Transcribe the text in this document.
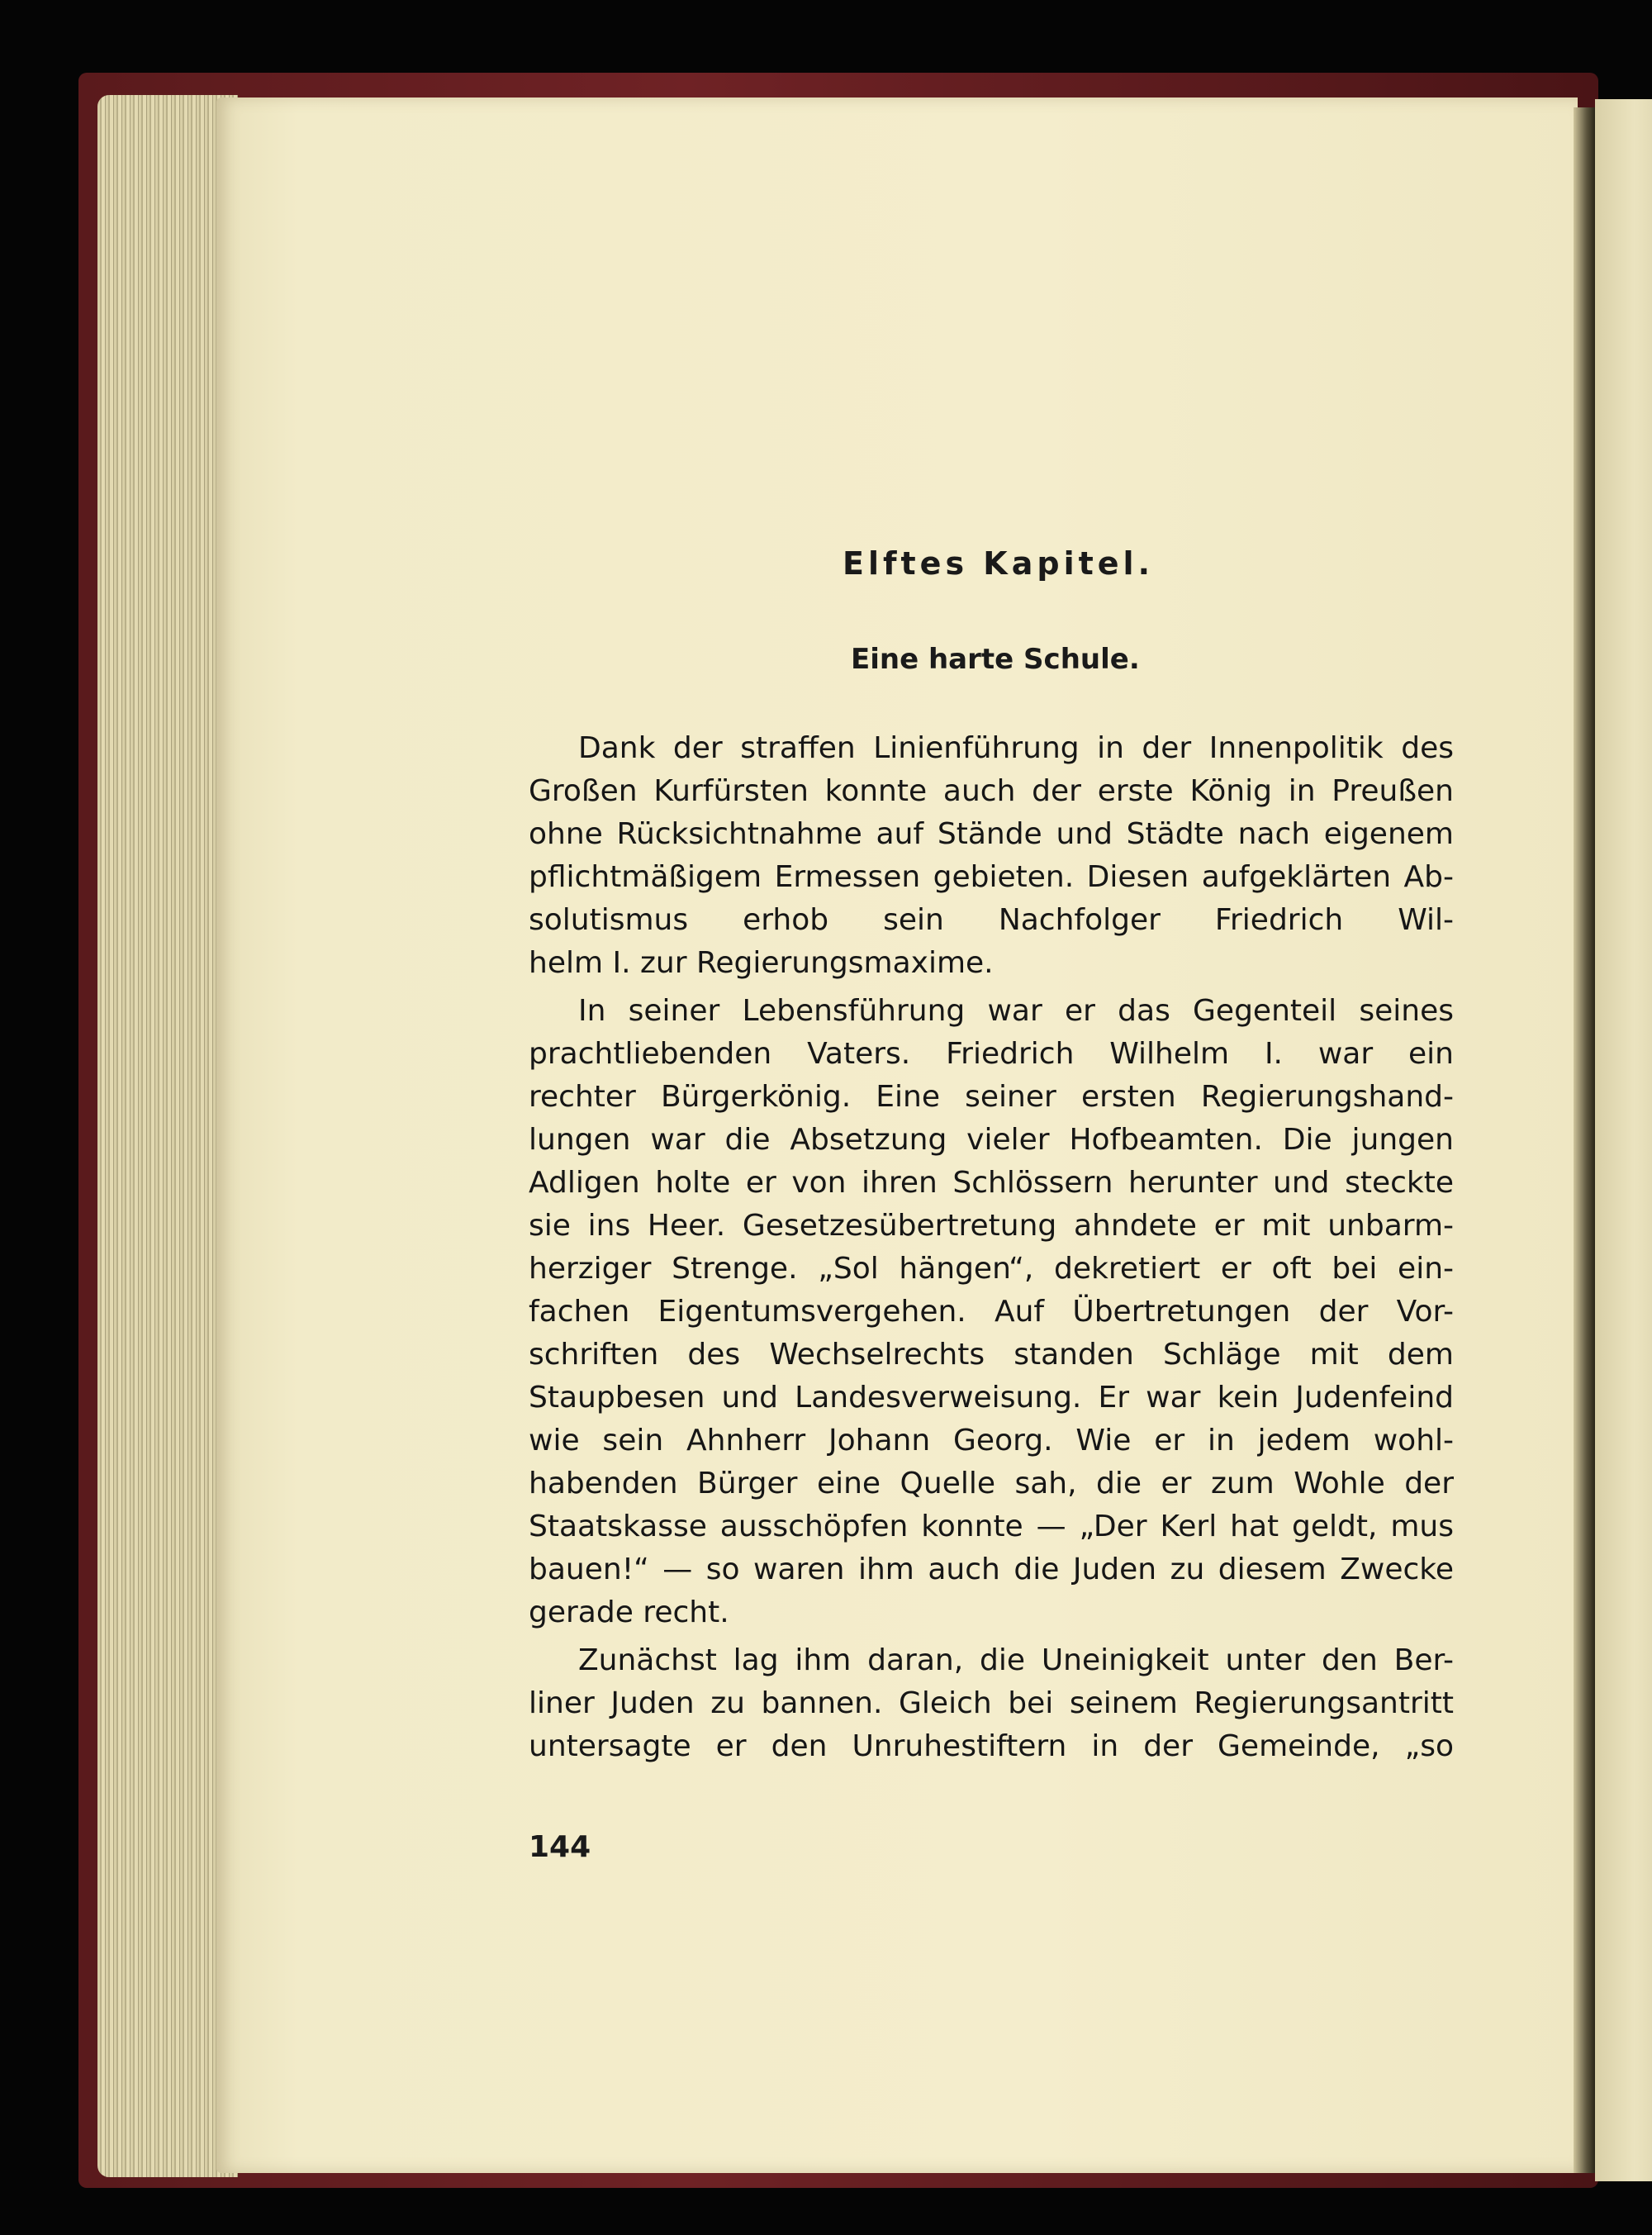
Elftes Kapitel.
Eine harte Schule.
Dank der straffen Linienführung in der Innenpolitik des
Großen Kurfürsten konnte auch der erste König in Preußen
ohne Rücksichtnahme auf Stände und Städte nach eigenem
pflichtmäßigem Ermessen gebieten. Diesen aufgeklärten Ab-
solutismus erhob sein Nachfolger Friedrich Wil-
helm I. zur Regierungsmaxime.
In seiner Lebensführung war er das Gegenteil seines
prachtliebenden Vaters. Friedrich Wilhelm I. war ein
rechter Bürgerkönig. Eine seiner ersten Regierungshand-
lungen war die Absetzung vieler Hofbeamten. Die jungen
Adligen holte er von ihren Schlössern herunter und steckte
sie ins Heer. Gesetzesübertretung ahndete er mit unbarm-
herziger Strenge. „Sol hängen“, dekretiert er oft bei ein-
fachen Eigentumsvergehen. Auf Übertretungen der Vor-
schriften des Wechselrechts standen Schläge mit dem
Staupbesen und Landesverweisung. Er war kein Judenfeind
wie sein Ahnherr Johann Georg. Wie er in jedem wohl-
habenden Bürger eine Quelle sah, die er zum Wohle der
Staatskasse ausschöpfen konnte — „Der Kerl hat geldt, mus
bauen!“ — so waren ihm auch die Juden zu diesem Zwecke
gerade recht.
Zunächst lag ihm daran, die Uneinigkeit unter den Ber-
liner Juden zu bannen. Gleich bei seinem Regierungsantritt
untersagte er den Unruhestiftern in der Gemeinde, „so
144
